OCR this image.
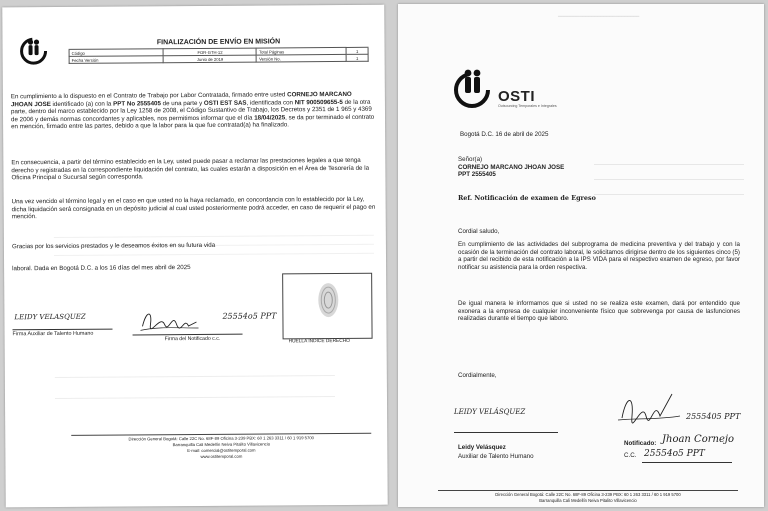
FINALIZACIÓN DE ENVÍO EN MISIÓN			
Código	FOR-GTH-12	Total Páginas	1
Fecha Versión	Junio de 2019	Versión No.	1
En cumplimiento a lo dispuesto en el Contrato de Trabajo por Labor Contratada, firmado entre usted CORNEJO MARCANO JHOAN JOSE identificado (a) con la PPT No 2555405 de una parte y OSTI EST SAS, identificada con NIT 900509655-5 de la otra parte, dentro del marco establecido por la Ley 1258 de 2008, el Código Sustantivo de Trabajo, los Decretos y 2351 de 1 965 y 4369 de 2006 y demás normas concordantes y aplicables, nos permitimos informar que el día 18/04/2025, se da por terminado el contrato en mención, firmado entre las partes, debido a que la labor para la que fue contratad(a) ha finalizado.
En consecuencia, a partir del término establecido en la Ley, usted puede pasar a reclamar las prestaciones legales a que tenga derecho y registradas en la correspondiente liquidación del contrato, las cuales estarán a disposición en el Área de Tesorería de la Oficina Principal o Sucursal según corresponda.
Una vez vencido el término legal y en el caso en que usted no la haya reclamado, en concordancia con lo establecido por la Ley, dicha liquidación será consignada en un depósito judicial al cual usted posteriormente podrá acceder, en caso de requerir el pago en mención.
Gracias por los servicios prestados y le deseamos éxitos en su futura vida
laboral. Dada en Bogotá D.C. a los 16 días del mes abril de 2025
LEIDY VELASQUEZ
Firma Auxiliar de Talento Humano
25554o5 PPT
Firma del Notificado c.c.	HUELLA INDICE DERECHO
Dirección General Bogotá: Calle 22C No. 68F-89 Oficina 3-239 PBX: 60 1 263 3311 / 60 1 919 5700
Barranquilla Cali Medellín Neiva Pitalito Villavicencio
E-mail: comercial@ostitemporal.com
www.ostitemporal.com
━━━━━━━━━━━━━━━━━━━━━━━━━━━
OSTI
Outsourcing Temporales e Integrales
Bogotá D.C. 16 de abril de 2025
Señor(a)
CORNEJO MARCANO JHOAN JOSE
PPT 2555405
Ref. Notificación de examen de Egreso
Cordial saludo,
En cumplimiento de las actividades del subprograma de medicina preventiva y del trabajo y con la ocasión de la terminación del contrato laboral, le solicitamos dirigirse dentro de los siguientes cinco (5) a partir del recibido de esta notificación a la IPS VIDA para el respectivo examen de egreso, por favor notificar su asistencia para la orden respectiva.
De igual manera le informamos que si usted no se realiza este examen, dará por entendido que exonera a la empresa de cualquier inconveniente físico que sobrevenga por causa de lasfunciones realizadas durante el tiempo que laboro.
Cordialmente,
LEIDY VELÁSQUEZ
Leidy Velásquez
Auxiliar de Talento Humano
2555405 PPT
Notificado: Jhoan Cornejo
C.C. 25554o5 PPT
Dirección General Bogotá: Calle 22C No. 68F-89 Oficina 3-239 PBX: 60 1 263 3311 / 60 1 919 5700
Barranquilla Cali Medellín Neiva Pitalito Villavicencio
